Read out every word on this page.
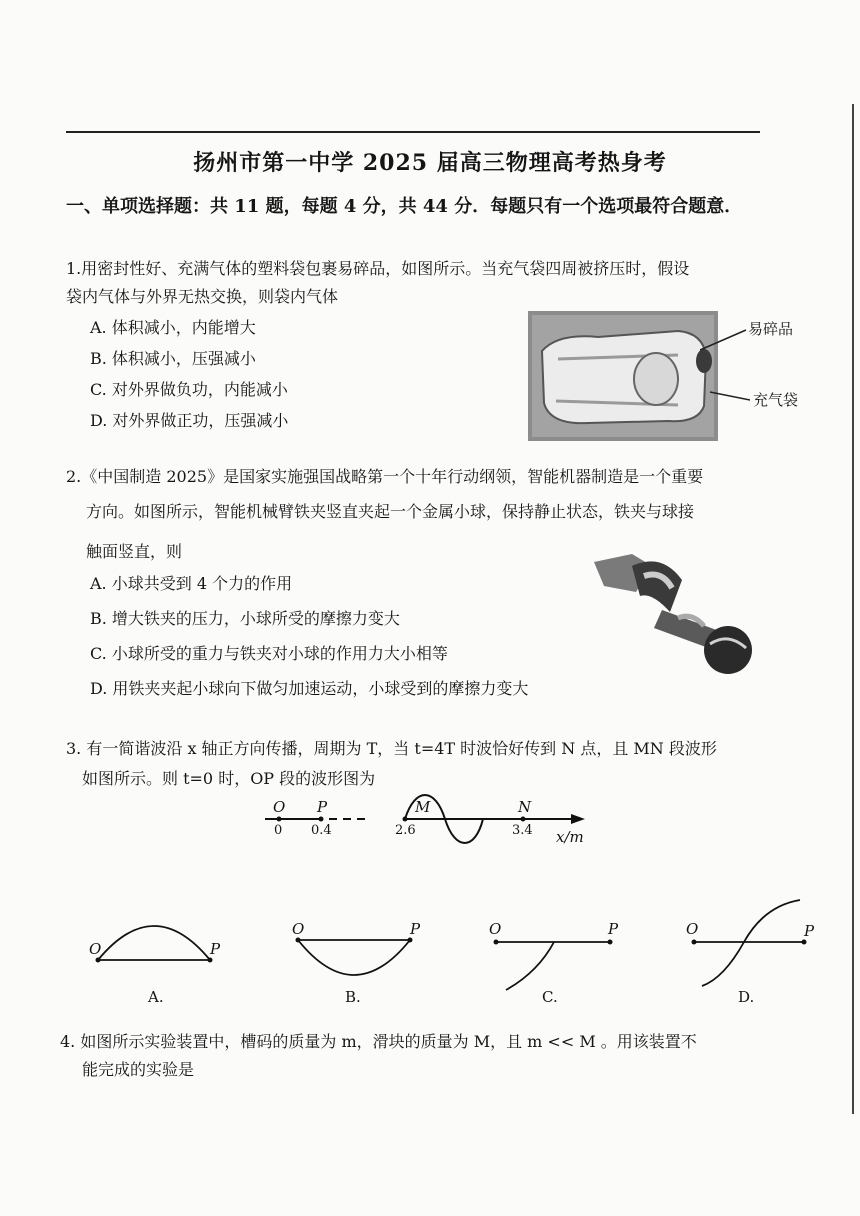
扬州市第一中学 2025 届高三物理高考热身考
一、单项选择题：共 11 题，每题 4 分，共 44 分．每题只有一个选项最符合题意．
1.用密封性好、充满气体的塑料袋包裹易碎品，如图所示。当充气袋四周被挤压时，假设
袋内气体与外界无热交换，则袋内气体
A. 体积减小，内能增大
B. 体积减小，压强减小
C. 对外界做负功，内能减小
D. 对外界做正功，压强减小
易碎品
充气袋
2.《中国制造 2025》是国家实施强国战略第一个十年行动纲领，智能机器制造是一个重要
方向。如图所示，智能机械臂铁夹竖直夹起一个金属小球，保持静止状态，铁夹与球接
触面竖直，则
A. 小球共受到 4 个力的作用
B. 增大铁夹的压力，小球所受的摩擦力变大
C. 小球所受的重力与铁夹对小球的作用力大小相等
D. 用铁夹夹起小球向下做匀加速运动，小球受到的摩擦力变大
3. 有一简谐波沿 x 轴正方向传播，周期为 T，当 t=4T 时波恰好传到 N 点，且 MN 段波形
如图所示。则 t=0 时，OP 段的波形图为
O P	M	N
0 0.4	2.6	3.4 x/m
O	P
A.
O	P
B.
O	P
C.
O	P
D.
4. 如图所示实验装置中，槽码的质量为 m，滑块的质量为 M，且 m << M 。用该装置不
能完成的实验是
